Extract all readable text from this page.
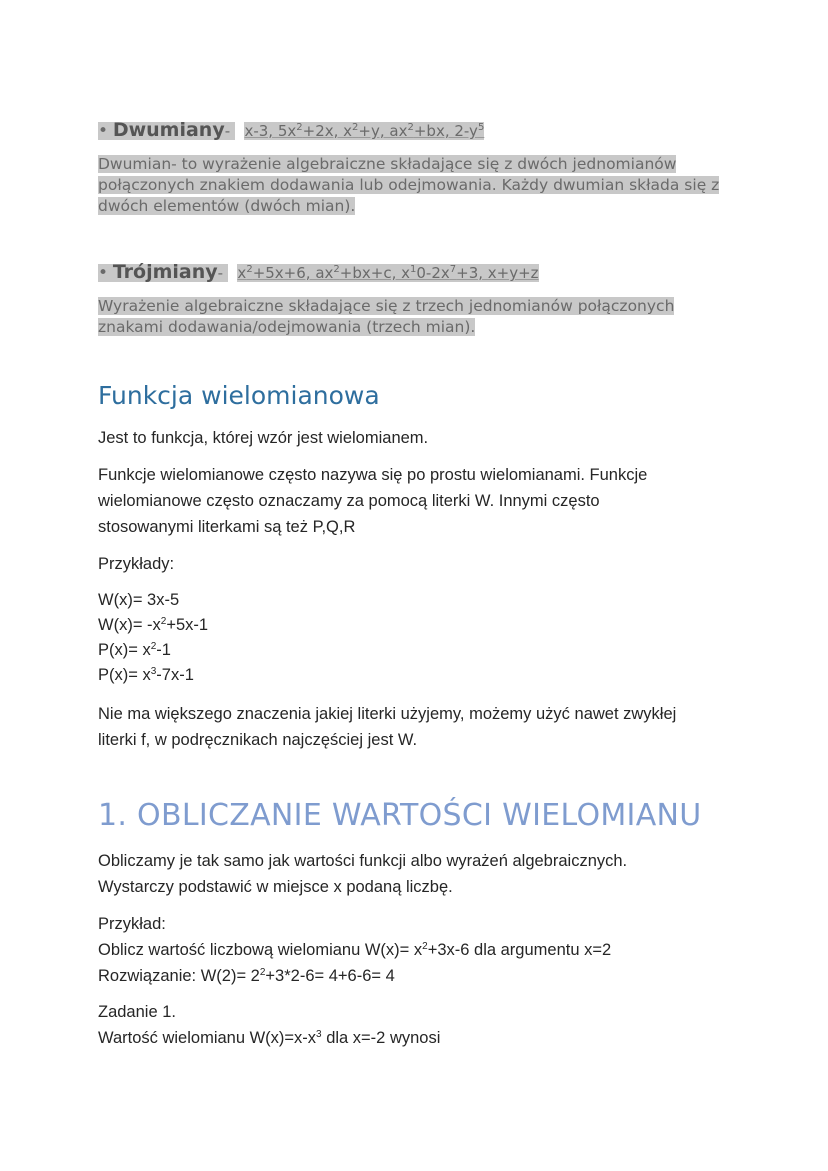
• Dwumiany- x-3, $5x^2+2x$, $x^2+y$, $ax^2+bx$, $2-y^5$
Dwumian- to wyrażenie algebraiczne składające się z dwóch jednomianów połączonych znakiem dodawania lub odejmowania. Każdy dwumian składa się z dwóch elementów (dwóch mian).
• Trójmiany- $x^2+5x+6$, $ax^2+bx+c$, $x^10-2x^7+3$, x+y+z
Wyrażenie algebraiczne składające się z trzech jednomianów połączonych znakami dodawania/odejmowania (trzech mian).
Funkcja wielomianowa
Jest to funkcja, której wzór jest wielomianem.
Funkcje wielomianowe często nazywa się po prostu wielomianami. Funkcje
wielomianowe często oznaczamy za pomocą literki W. Innymi często
stosowanymi literkami są też P,Q,R
Przykłady:
W(x)= 3x-5
$W(x)= -x^2+5x-1$
$P(x)= x^2-1$
$P(x)= x^3-7x-1$
Nie ma większego znaczenia jakiej literki użyjemy, możemy użyć nawet zwykłej
literki f, w podręcznikach najczęściej jest W.
1. OBLICZANIE WARTOŚCI WIELOMIANU
Obliczamy je tak samo jak wartości funkcji albo wyrażeń algebraicznych.
Wystarczy podstawić w miejsce x podaną liczbę.
Przykład:
Oblicz wartość liczbową wielomianu $W(x)= x^2+3x-6$ dla argumentu x=2
Rozwiązanie: $W(2)= 2^2+3*2-6= 4+6-6= 4$
Zadanie 1.
Wartość wielomianu $W(x)=x-x^3$ dla x=-2 wynosi
